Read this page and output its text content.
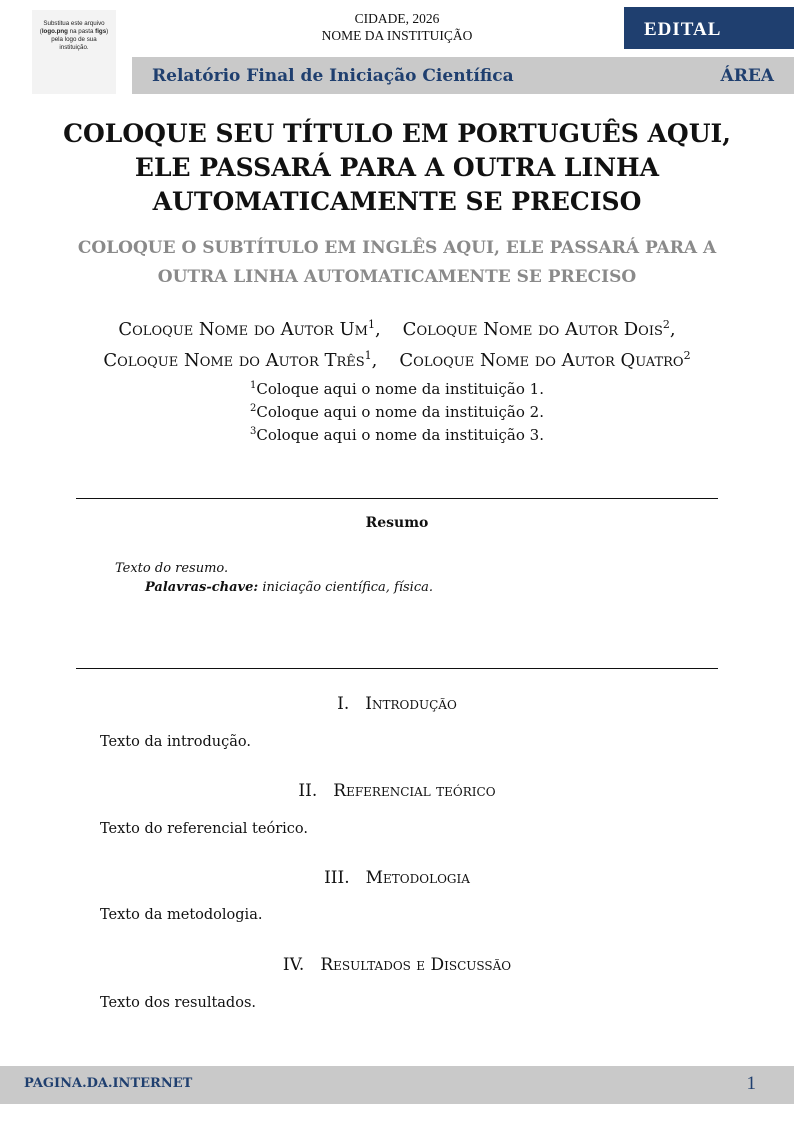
Substitua este arquivo
(logo.png na pasta figs)
pela logo de sua
instituição.
CIDADE, 2026
NOME DA INSTITUIÇÃO	EDITAL
Relatório Final de Iniciação Científica	ÁREA
COLOQUE SEU TÍTULO EM PORTUGUÊS AQUI,
ELE PASSARÁ PARA A OUTRA LINHA
AUTOMATICAMENTE SE PRECISO
COLOQUE O SUBTÍTULO EM INGLÊS AQUI, ELE PASSARÁ PARA A
OUTRA LINHA AUTOMATICAMENTE SE PRECISO
Coloque Nome do Autor Um$^1$, Coloque Nome do Autor Dois$^2$,
Coloque Nome do Autor Três$^1$, Coloque Nome do Autor Quatro$^2$
$^1$Coloque aqui o nome da instituição 1.
$^2$Coloque aqui o nome da instituição 2.
$^3$Coloque aqui o nome da instituição 3.
Resumo
Texto do resumo.
Palavras-chave: iniciação científica, física.
I. Introdução
Texto da introdução.
II. Referencial teórico
Texto do referencial teórico.
III. Metodologia
Texto da metodologia.
IV. Resultados e Discussão
Texto dos resultados.
PAGINA.DA.INTERNET	1
